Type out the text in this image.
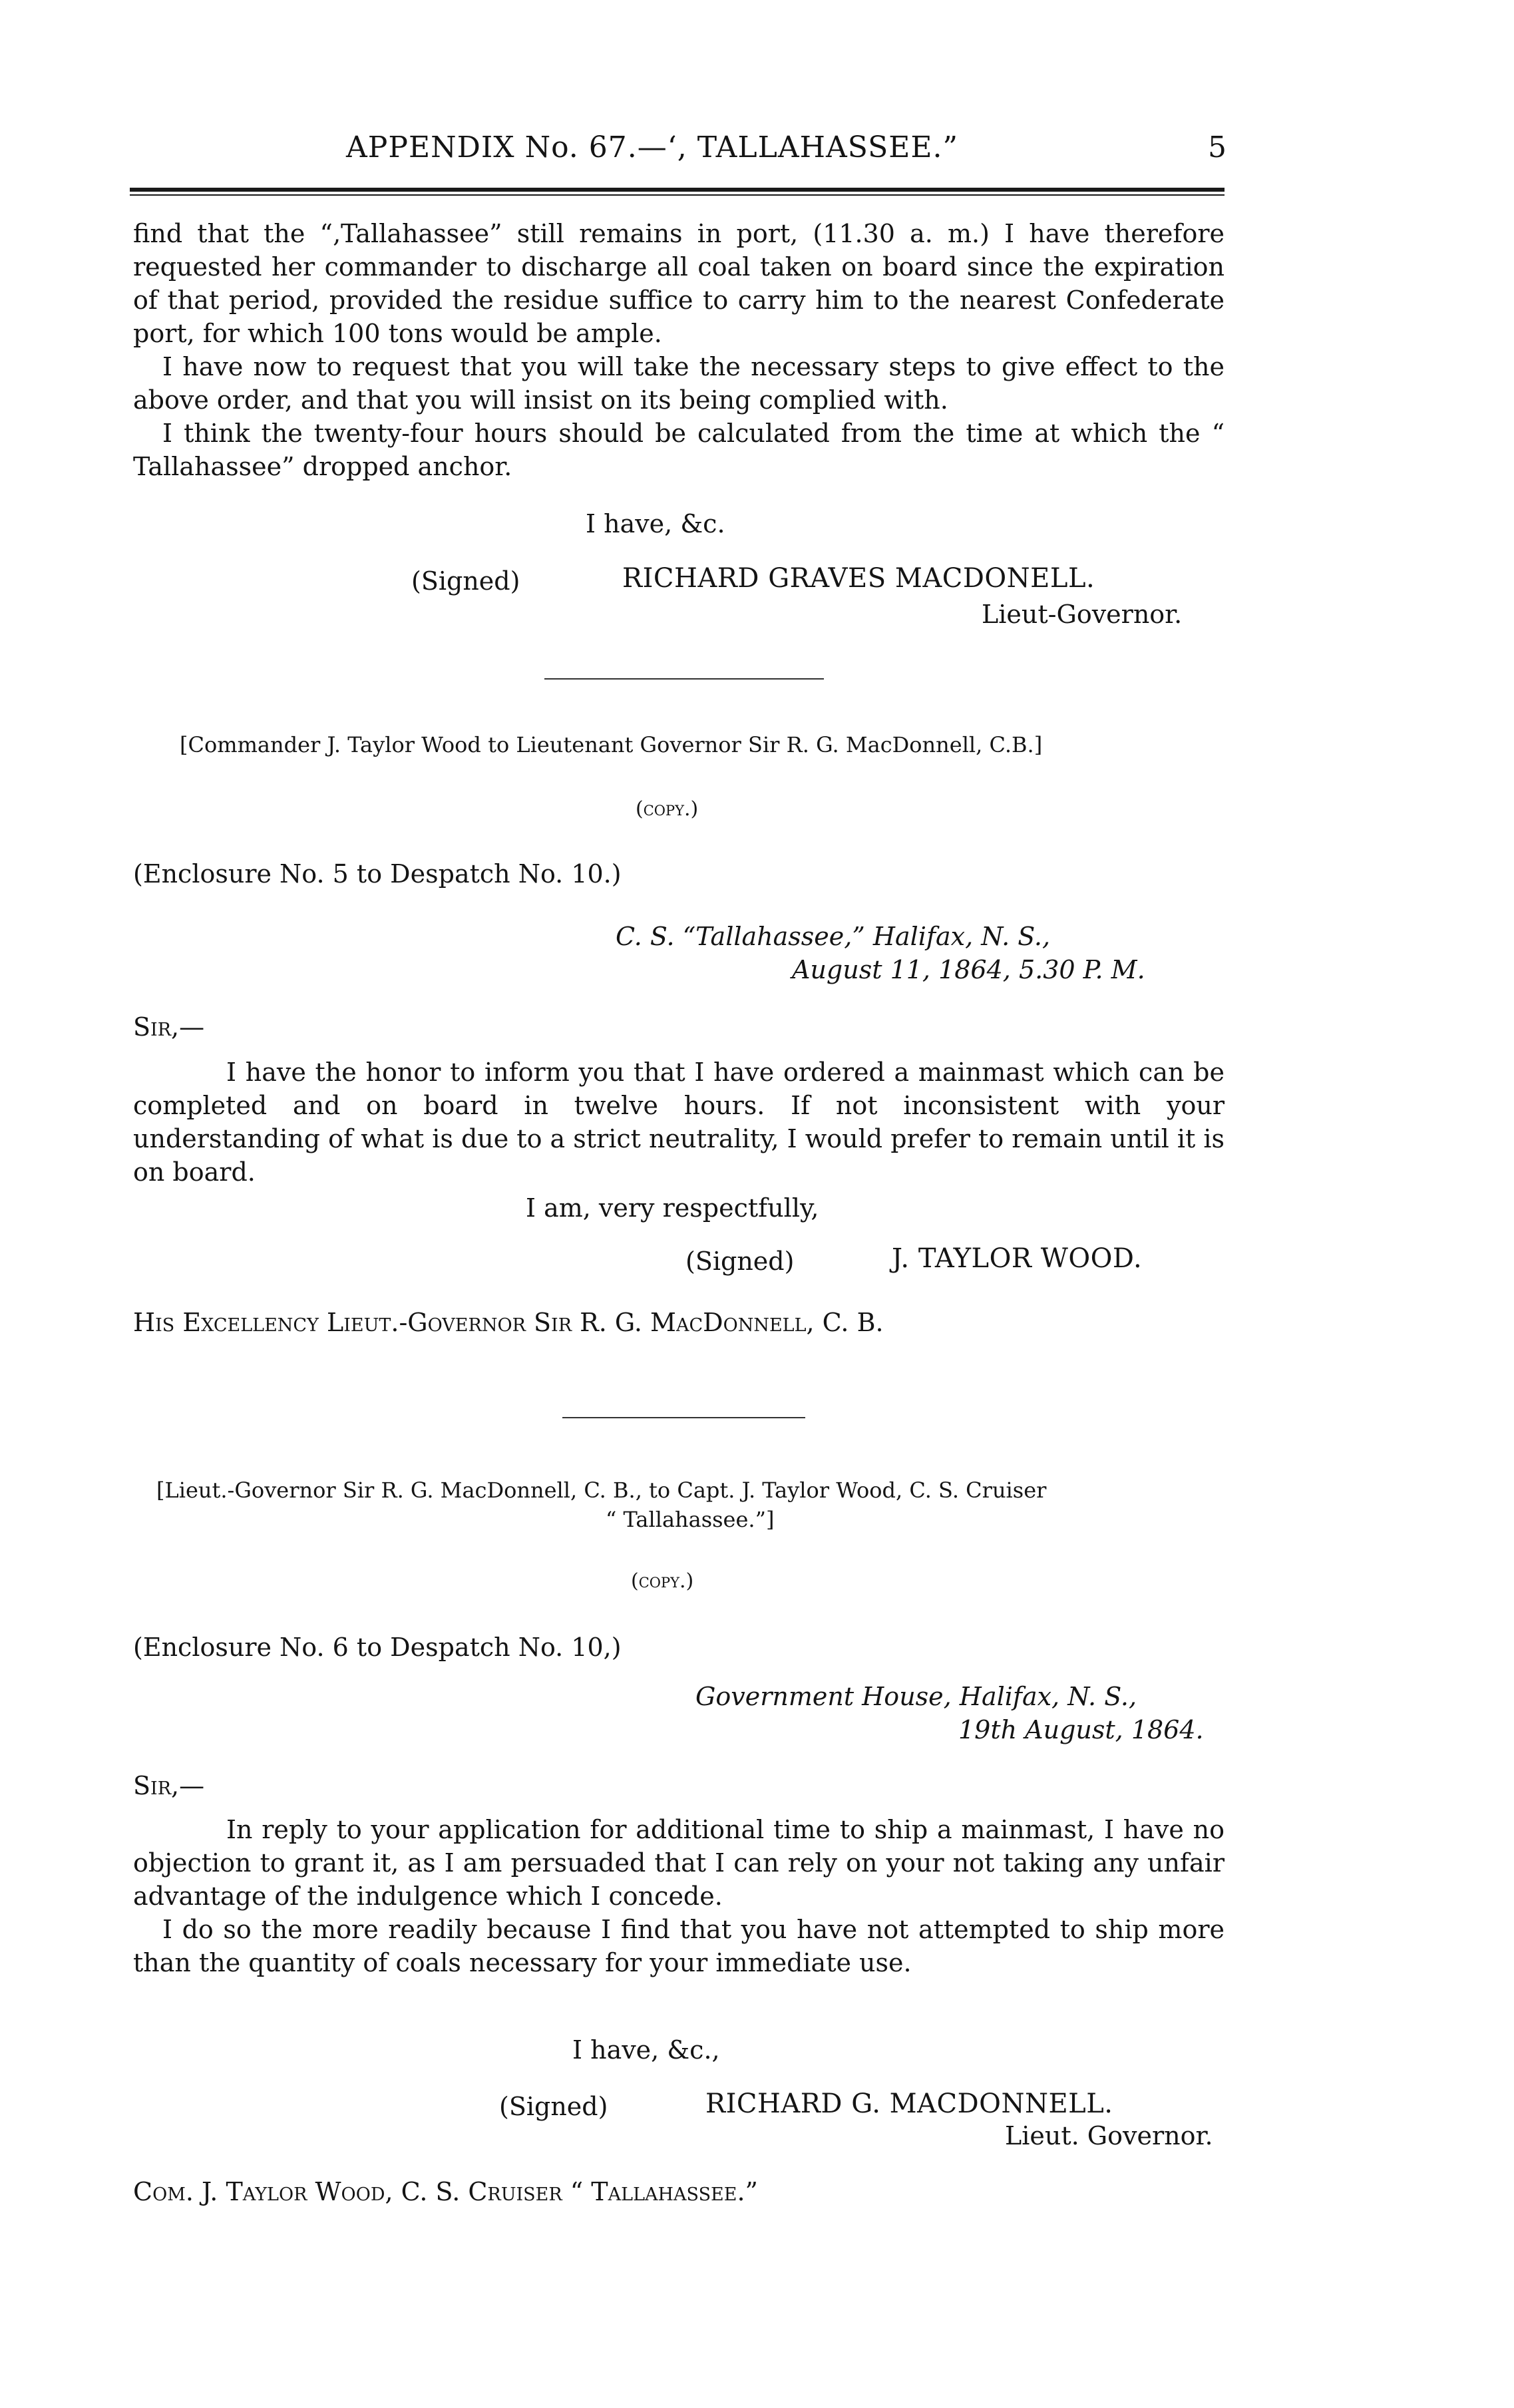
APPENDIX No. 67.—‘, TALLAHASSEE.”	5

find that the “‚Tallahassee” still remains in port, (11.30 a. m.) I have therefore requested her commander to discharge all coal taken on board since the expiration of that period, provided the residue suffice to carry him to the nearest Confederate port, for which 100 tons would be ample.

I have now to request that you will take the necessary steps to give effect to the above order, and that you will insist on its being complied with.

I think the twenty-four hours should be calculated from the time at which the “ Tallahassee” dropped anchor.

I have, &c.
(Signed)	RICHARD GRAVES MACDONELL.
Lieut-Governor.
[Commander J. Taylor Wood to Lieutenant Governor Sir R. G. MacDonnell, C.B.]
(copy.)
(Enclosure No. 5 to Despatch No. 10.)
C. S. “Tallahassee,” Halifax, N. S.,
August 11, 1864, 5.30 P. M.
Sir,—
I have the honor to inform you that I have ordered a mainmast which can be completed and on board in twelve hours. If not inconsistent with your understanding of what is due to a strict neutrality, I would prefer to remain until it is on board.
I am, very respectfully,
(Signed)	J. TAYLOR WOOD.
His Excellency Lieut.-Governor Sir R. G. MacDonnell, C. B.
[Lieut.-Governor Sir R. G. MacDonnell, C. B., to Capt. J. Taylor Wood, C. S. Cruiser
“ Tallahassee.”]
(copy.)
(Enclosure No. 6 to Despatch No. 10,)
Government House, Halifax, N. S.,
19th August, 1864.
Sir,—

In reply to your application for additional time to ship a mainmast, I have no objection to grant it, as I am persuaded that I can rely on your not taking any unfair advantage of the indulgence which I concede.

I do so the more readily because I find that you have not attempted to ship more than the quantity of coals necessary for your immediate use.

I have, &c.,
(Signed)	RICHARD G. MACDONNELL.
Lieut. Governor.
Com. J. Taylor Wood, C. S. Cruiser “ Tallahassee.”
